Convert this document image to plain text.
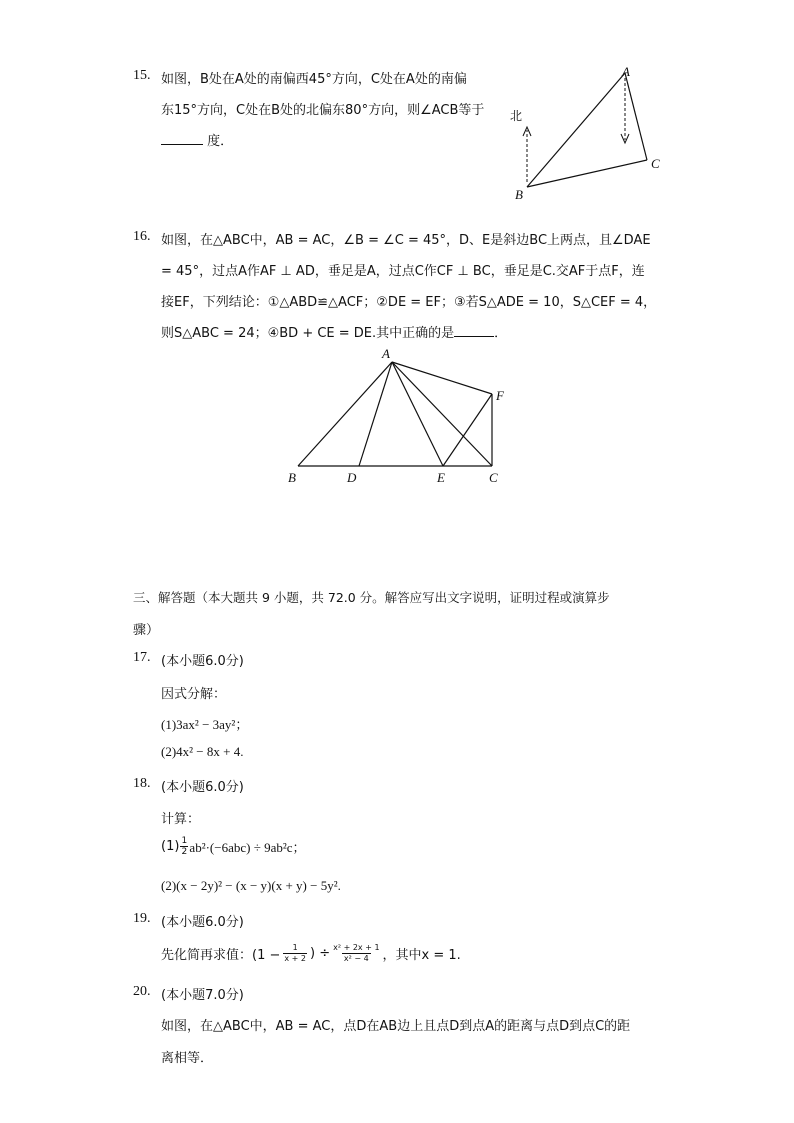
15. 如图，B处在A处的南偏西45°方向，C处在A处的南偏
东15°方向，C处在B处的北偏东80°方向，则∠ACB等于
度．
北
A
B
C
16. 如图，在△ABC中，AB = AC，∠B = ∠C = 45°，D、E是斜边BC上两点，且∠DAE
= 45°，过点A作AF ⊥ AD，垂足是A，过点C作CF ⊥ BC，垂足是C.交AF于点F，连
接EF，下列结论：①△ABD≌△ACF；②DE = EF；③若S△ADE = 10，S△CEF = 4，
则S△ABC = 24；④BD + CE = DE.其中正确的是	．
A
B	D	E	C
F
三、解答题（本大题共 9 小题，共 72.0 分。解答应写出文字说明，证明过程或演算步
骤）
17. (本小题6.0分)
因式分解：
(1)3ax² − 3ay²；
(2)4x² − 8x + 4.
18. (本小题6.0分)
计算：
(1) 1
2 ab²·(−6abc) ÷ 9ab²c；
(2)(x − 2y)² − (x − y)(x + y) − 5y².
19. (本小题6.0分)
先化简再求值：($1 - \frac{1}{x + 2}$ ) ÷ $\frac{\text{x² + 2x + 1}}{\text{x² − 4}}$ ，其中x = 1.
20. (本小题7.0分)
如图，在△ABC中，AB = AC，点D在AB边上且点D到点A的距离与点D到点C的距
离相等．
